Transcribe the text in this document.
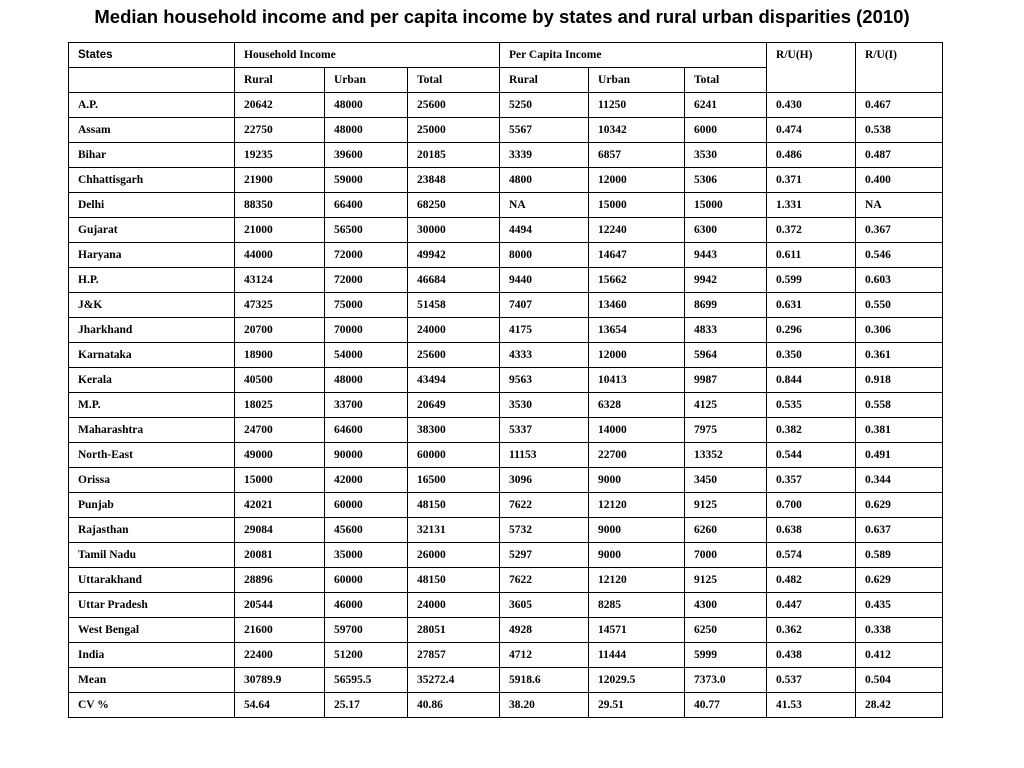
Median household income and per capita income by states and rural urban disparities (2010)
States	Household Income			Per Capita Income			R/U(H)	R/U(I)
	Rural	Urban	Total	Rural	Urban	Total		
A.P.	20642	48000	25600	5250	11250	6241	0.430	0.467
Assam	22750	48000	25000	5567	10342	6000	0.474	0.538
Bihar	19235	39600	20185	3339	6857	3530	0.486	0.487
Chhattisgarh	21900	59000	23848	4800	12000	5306	0.371	0.400
Delhi	88350	66400	68250	NA	15000	15000	1.331	NA
Gujarat	21000	56500	30000	4494	12240	6300	0.372	0.367
Haryana	44000	72000	49942	8000	14647	9443	0.611	0.546
H.P.	43124	72000	46684	9440	15662	9942	0.599	0.603
J&K	47325	75000	51458	7407	13460	8699	0.631	0.550
Jharkhand	20700	70000	24000	4175	13654	4833	0.296	0.306
Karnataka	18900	54000	25600	4333	12000	5964	0.350	0.361
Kerala	40500	48000	43494	9563	10413	9987	0.844	0.918
M.P.	18025	33700	20649	3530	6328	4125	0.535	0.558
Maharashtra	24700	64600	38300	5337	14000	7975	0.382	0.381
North-East	49000	90000	60000	11153	22700	13352	0.544	0.491
Orissa	15000	42000	16500	3096	9000	3450	0.357	0.344
Punjab	42021	60000	48150	7622	12120	9125	0.700	0.629
Rajasthan	29084	45600	32131	5732	9000	6260	0.638	0.637
Tamil Nadu	20081	35000	26000	5297	9000	7000	0.574	0.589
Uttarakhand	28896	60000	48150	7622	12120	9125	0.482	0.629
Uttar Pradesh	20544	46000	24000	3605	8285	4300	0.447	0.435
West Bengal	21600	59700	28051	4928	14571	6250	0.362	0.338
India	22400	51200	27857	4712	11444	5999	0.438	0.412
Mean	30789.9	56595.5	35272.4	5918.6	12029.5	7373.0	0.537	0.504
CV %	54.64	25.17	40.86	38.20	29.51	40.77	41.53	28.42
